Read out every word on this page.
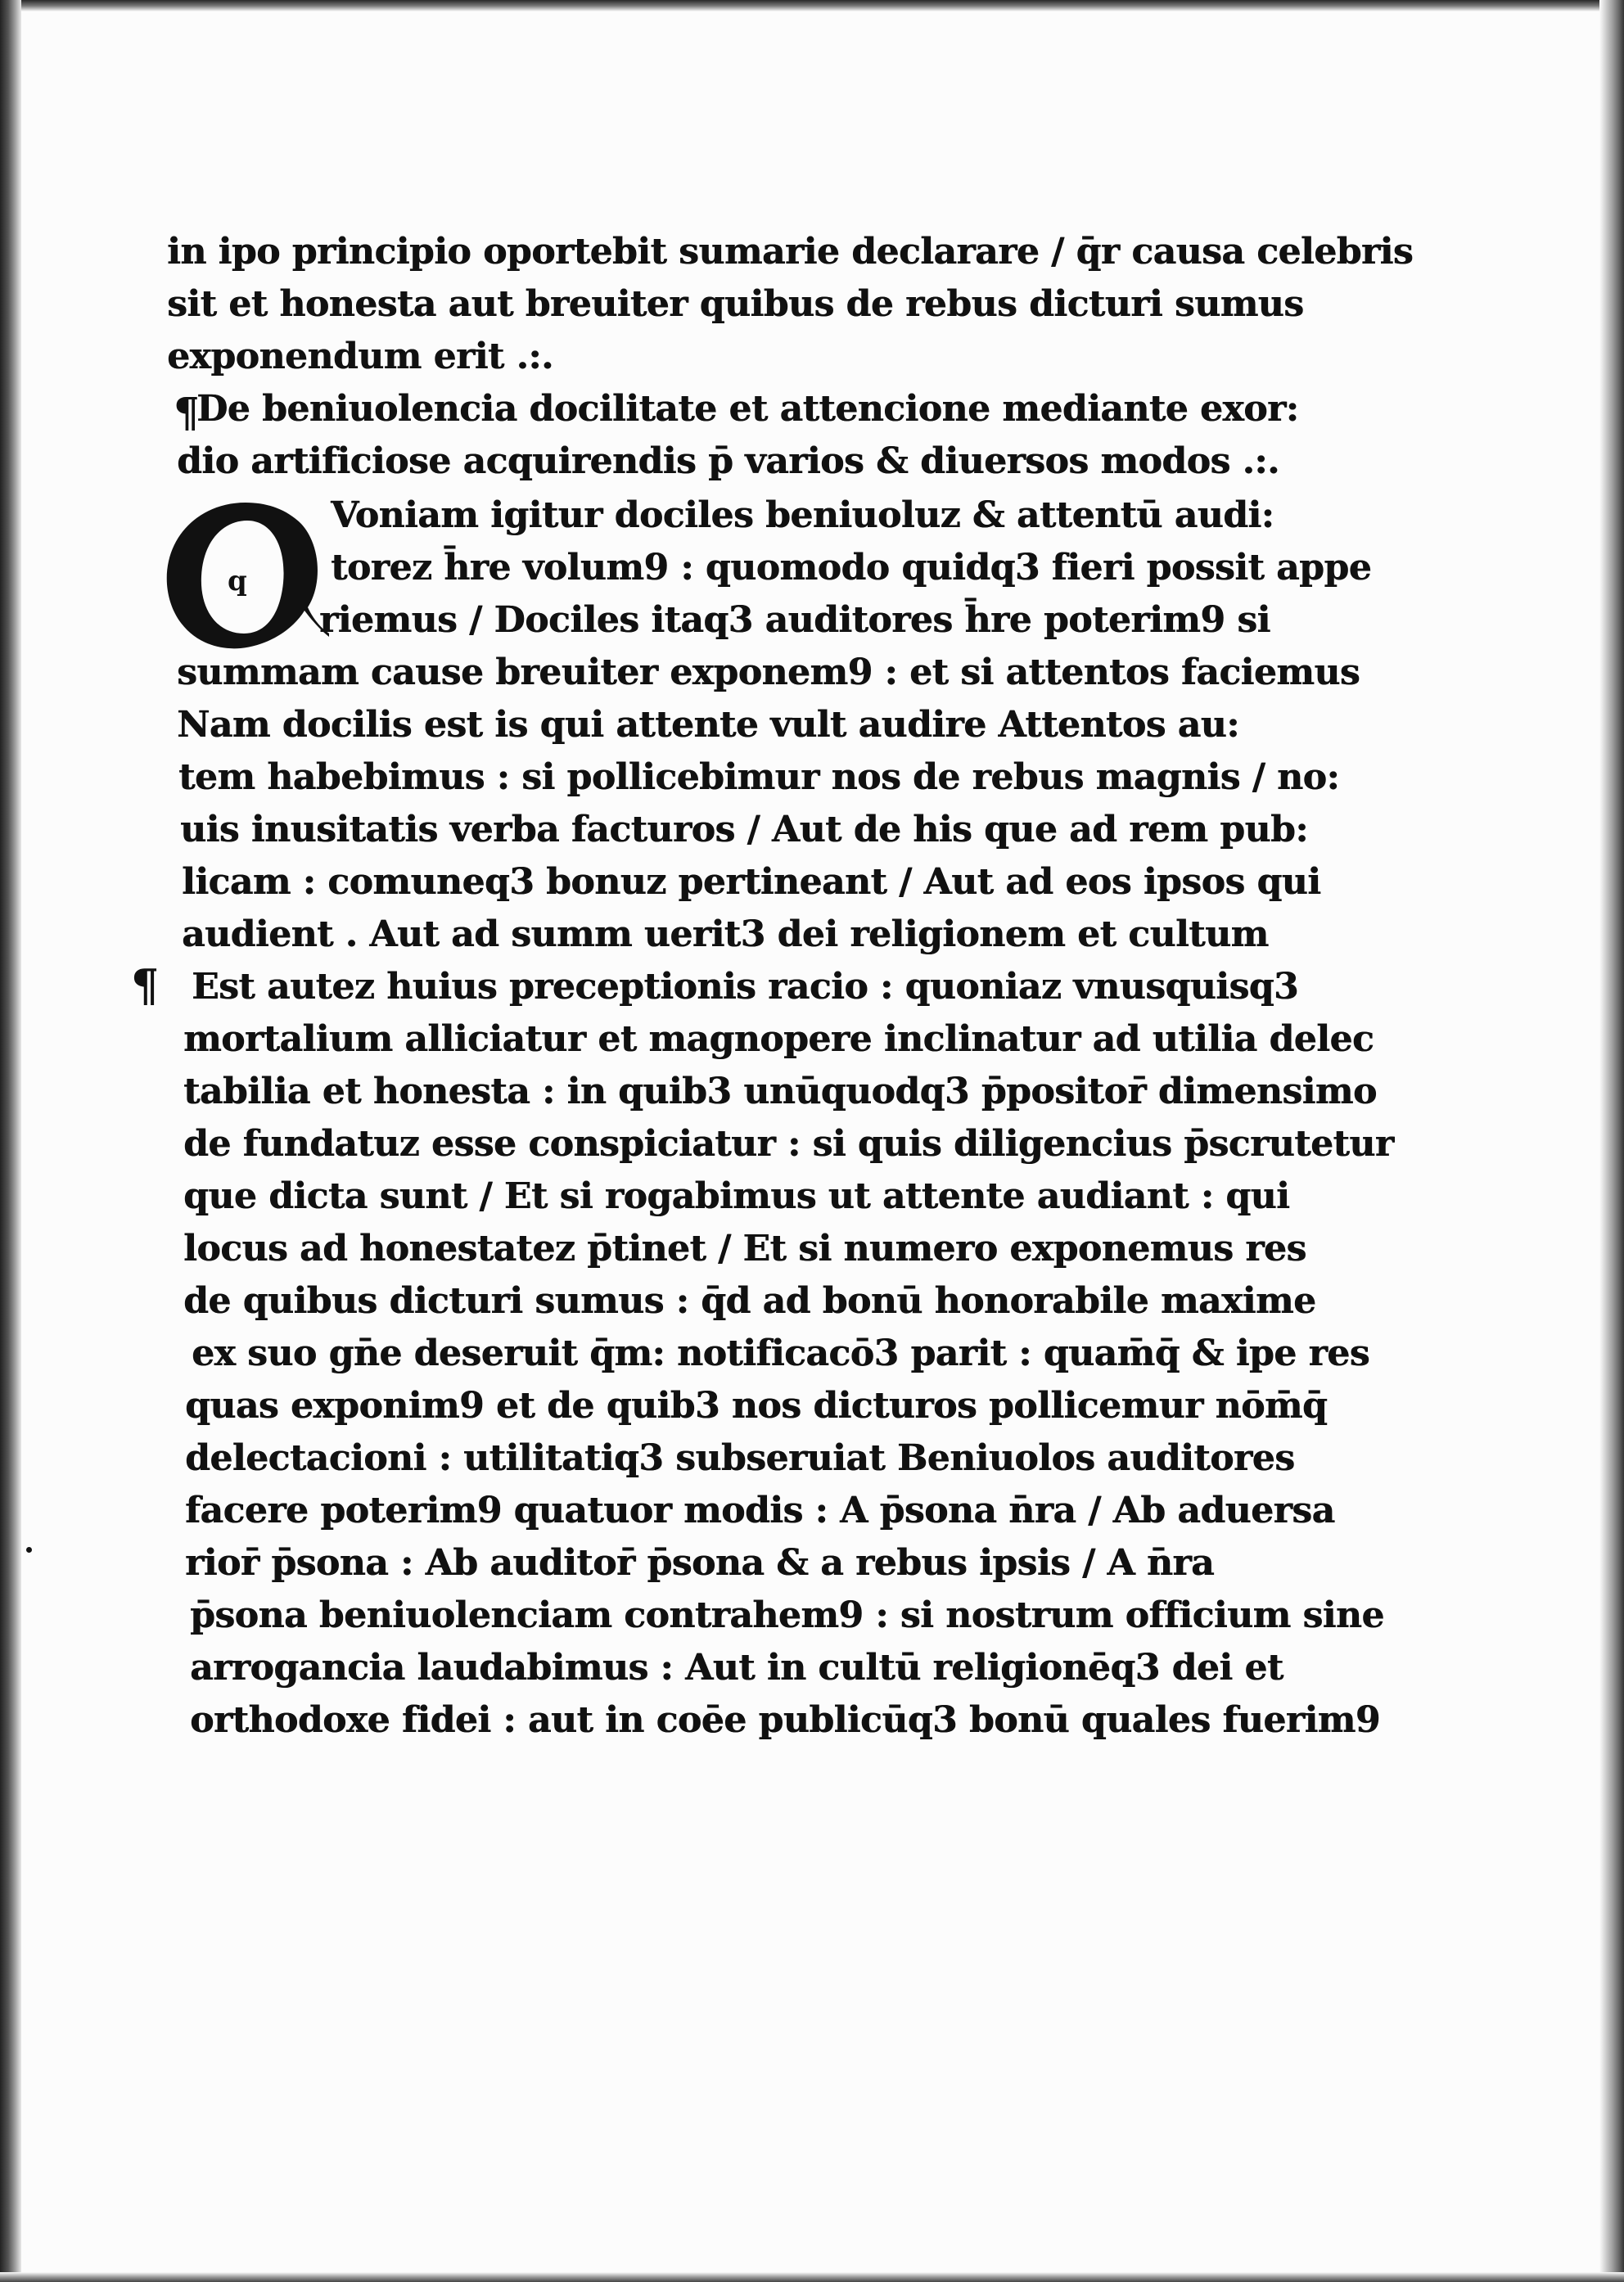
q
in ipo principio oportebit sumarie declarare / q̄r causa celebris
sit et honesta aut breuiter quibus de rebus dicturi sumus
exponendum erit .:.
De beniuolencia docilitate et attencione mediante exor:
dio artificiose acquirendis p̄ varios & diuersos modos .:.
Voniam igitur dociles beniuoluz & attentū audi:
torez h̄re volum9 : quomodo quidq3 fieri possit appe
riemus / Dociles itaq3 auditores h̄re poterim9 si
summam cause breuiter exponem9 : et si attentos faciemus
Nam docilis est is qui attente vult audire Attentos au:
tem habebimus : si pollicebimur nos de rebus magnis / no:
uis inusitatis verba facturos / Aut de his que ad rem pub:
licam : comuneq3 bonuz pertineant / Aut ad eos ipsos qui
audient . Aut ad summ uerit3 dei religionem et cultum
Est autez huius preceptionis racio : quoniaz vnusquisq3
mortalium alliciatur et magnopere inclinatur ad utilia delec
tabilia et honesta : in quib3 unūquodq3 p̄positor̄ dimensimo
de fundatuz esse conspiciatur : si quis diligencius p̄scrutetur
que dicta sunt / Et si rogabimus ut attente audiant : qui
locus ad honestatez p̄tinet / Et si numero exponemus res
de quibus dicturi sumus : q̄d ad bonū honorabile maxime
ex suo gn̄e deseruit q̄m: notificacō3 parit : quam̄q̄ & ipe res
quas exponim9 et de quib3 nos dicturos pollicemur nōm̄q̄
delectacioni : utilitatiq3 subseruiat Beniuolos auditores
facere poterim9 quatuor modis : A p̄sona n̄ra / Ab aduersa
rior̄ p̄sona : Ab auditor̄ p̄sona & a rebus ipsis / A n̄ra
p̄sona beniuolenciam contrahem9 : si nostrum officium sine
arrogancia laudabimus : Aut in cultū religionēq3 dei et
orthodoxe fidei : aut in coēe publicūq3 bonū quales fuerim9
¶
¶
